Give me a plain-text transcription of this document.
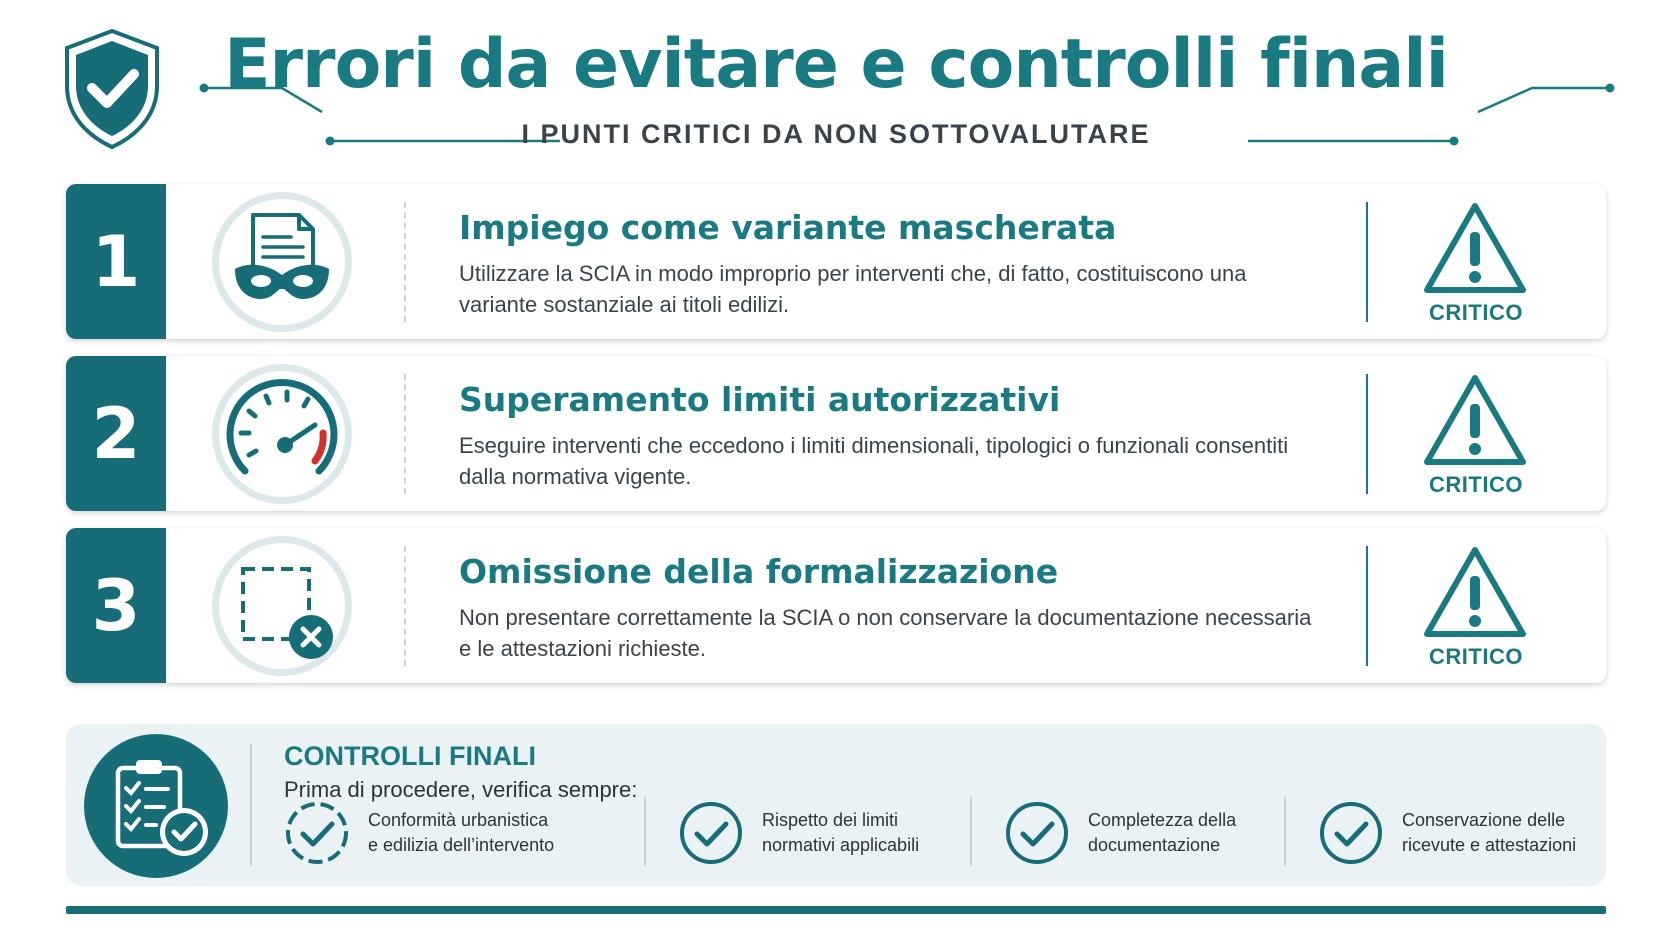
Errori da evitare e controlli finali
I PUNTI CRITICI DA NON SOTTOVALUTARE
1	Impiego come variante mascherata

Utilizzare la SCIA in modo improprio per interventi che, di fatto, costituiscono una variante sostanziale ai titoli edilizi.	CRITICO
2	Superamento limiti autorizzativi

Eseguire interventi che eccedono i limiti dimensionali, tipologici o funzionali consentiti dalla normativa vigente.	CRITICO
3	Omissione della formalizzazione

Non presentare correttamente la SCIA o non conservare la documentazione necessaria e le attestazioni richieste.	CRITICO
CONTROLLI FINALI
Prima di procedere, verifica sempre:
Conformità urbanistica
e edilizia dell’intervento
Rispetto dei limiti
normativi applicabili
Completezza della
documentazione
Conservazione delle
ricevute e attestazioni
